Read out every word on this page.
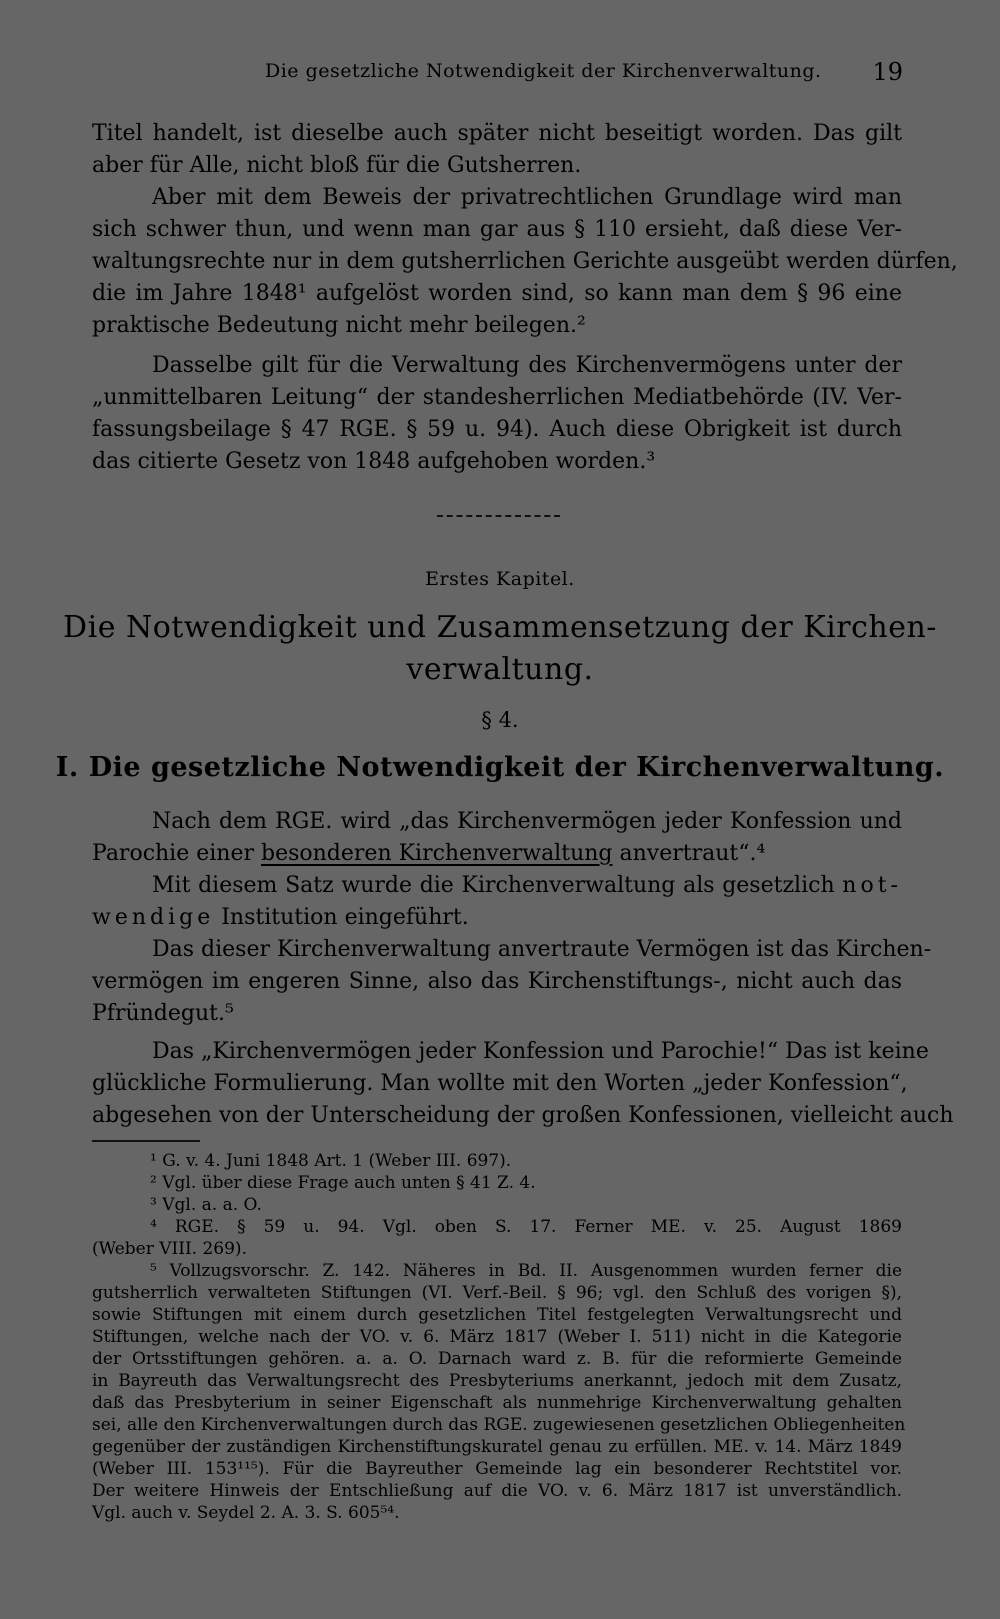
Die gesetzliche Notwendigkeit der Kirchenverwaltung. 19
Titel handelt, ist dieselbe auch später nicht beseitigt worden. Das gilt
aber für Alle, nicht bloß für die Gutsherren.
Aber mit dem Beweis der privatrechtlichen Grundlage wird man
sich schwer thun, und wenn man gar aus § 110 ersieht, daß diese Ver-
waltungsrechte nur in dem gutsherrlichen Gerichte ausgeübt werden dürfen,
die im Jahre 1848¹ aufgelöst worden sind, so kann man dem § 96 eine
praktische Bedeutung nicht mehr beilegen.²
Dasselbe gilt für die Verwaltung des Kirchenvermögens unter der
„unmittelbaren Leitung“ der standesherrlichen Mediatbehörde (IV. Ver-
fassungsbeilage § 47 RGE. § 59 u. 94). Auch diese Obrigkeit ist durch
das citierte Gesetz von 1848 aufgehoben worden.³
Erstes Kapitel.
Die Notwendigkeit und Zusammensetzung der Kirchen-
verwaltung.
§ 4.
I. Die gesetzliche Notwendigkeit der Kirchenverwaltung.
Nach dem RGE. wird „das Kirchenvermögen jeder Konfession und
Parochie einer besonderen Kirchenverwaltung anvertraut“.⁴
Mit diesem Satz wurde die Kirchenverwaltung als gesetzlich not-
wendige Institution eingeführt.
Das dieser Kirchenverwaltung anvertraute Vermögen ist das Kirchen-
vermögen im engeren Sinne, also das Kirchenstiftungs-, nicht auch das
Pfründegut.⁵
Das „Kirchenvermögen jeder Konfession und Parochie!“ Das ist keine
glückliche Formulierung. Man wollte mit den Worten „jeder Konfession“,
abgesehen von der Unterscheidung der großen Konfessionen, vielleicht auch
¹ G. v. 4. Juni 1848 Art. 1 (Weber III. 697).
² Vgl. über diese Frage auch unten § 41 Z. 4.
³ Vgl. a. a. O.
⁴ RGE. § 59 u. 94. Vgl. oben S. 17. Ferner ME. v. 25. August 1869
(Weber VIII. 269).
⁵ Vollzugsvorschr. Z. 142. Näheres in Bd. II. Ausgenommen wurden ferner die
gutsherrlich verwalteten Stiftungen (VI. Verf.-Beil. § 96; vgl. den Schluß des vorigen §),
sowie Stiftungen mit einem durch gesetzlichen Titel festgelegten Verwaltungsrecht und
Stiftungen, welche nach der VO. v. 6. März 1817 (Weber I. 511) nicht in die Kategorie
der Ortsstiftungen gehören. a. a. O. Darnach ward z. B. für die reformierte Gemeinde
in Bayreuth das Verwaltungsrecht des Presbyteriums anerkannt, jedoch mit dem Zusatz,
daß das Presbyterium in seiner Eigenschaft als nunmehrige Kirchenverwaltung gehalten
sei, alle den Kirchenverwaltungen durch das RGE. zugewiesenen gesetzlichen Obliegenheiten
gegenüber der zuständigen Kirchenstiftungskuratel genau zu erfüllen. ME. v. 14. März 1849
(Weber III. 153¹¹⁵). Für die Bayreuther Gemeinde lag ein besonderer Rechtstitel vor.
Der weitere Hinweis der Entschließung auf die VO. v. 6. März 1817 ist unverständlich.
Vgl. auch v. Seydel 2. A. 3. S. 605⁵⁴.
